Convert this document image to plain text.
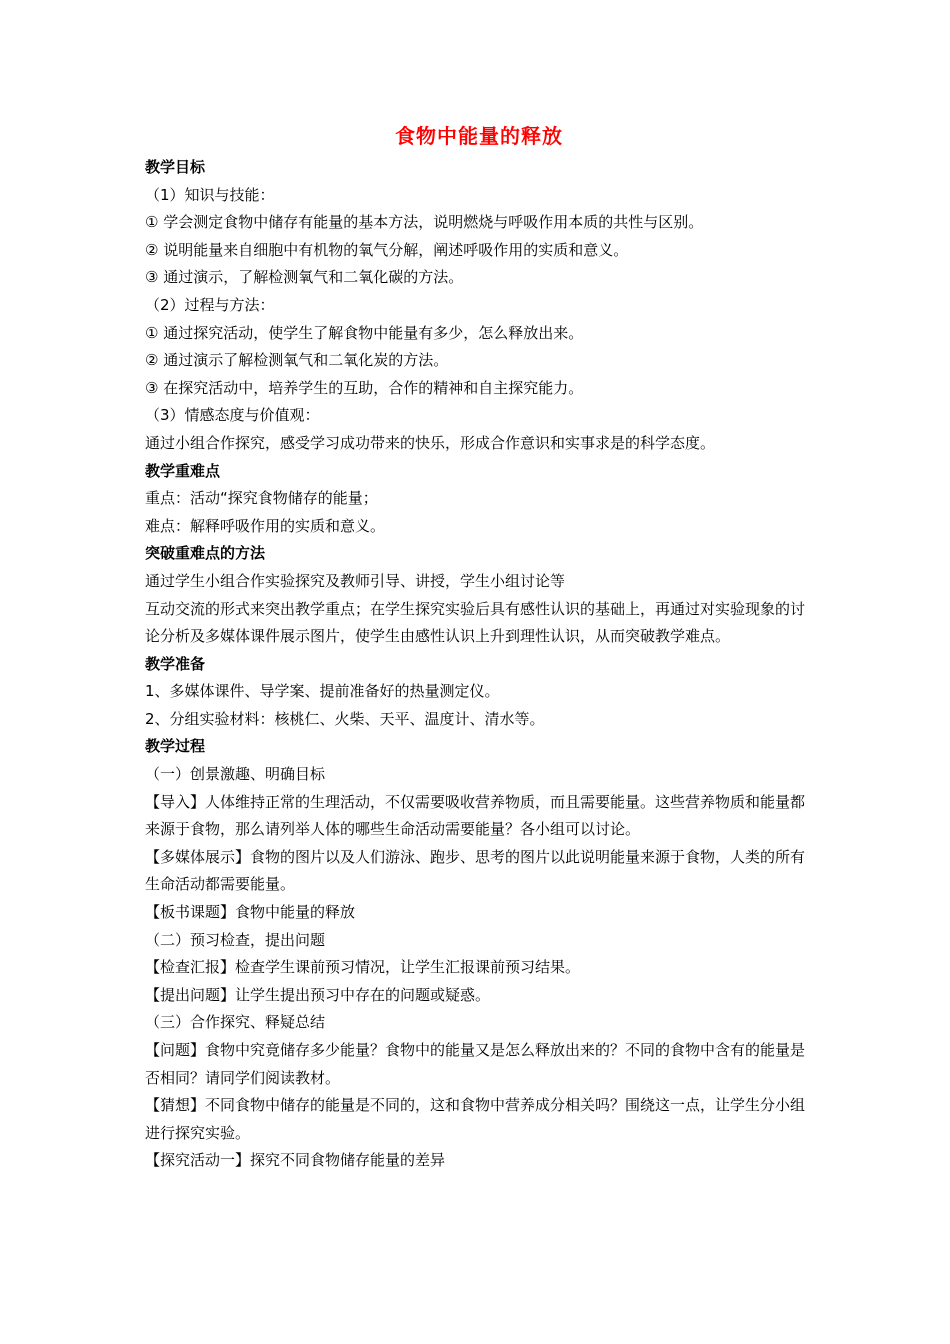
食物中能量的释放
教学目标
（1）知识与技能：
① 学会测定食物中储存有能量的基本方法，说明燃烧与呼吸作用本质的共性与区别。
② 说明能量来自细胞中有机物的氧气分解，阐述呼吸作用的实质和意义。
③ 通过演示，了解检测氧气和二氧化碳的方法。
（2）过程与方法：
① 通过探究活动，使学生了解食物中能量有多少，怎么释放出来。
② 通过演示了解检测氧气和二氧化炭的方法。
③ 在探究活动中，培养学生的互助，合作的精神和自主探究能力。
（3）情感态度与价值观：
通过小组合作探究，感受学习成功带来的快乐，形成合作意识和实事求是的科学态度。
教学重难点
重点：活动“探究食物储存的能量；
难点：解释呼吸作用的实质和意义。
突破重难点的方法
通过学生小组合作实验探究及教师引导、讲授，学生小组讨论等
互动交流的形式来突出教学重点；在学生探究实验后具有感性认识的基础上，再通过对实验现象的讨论分析及多媒体课件展示图片，使学生由感性认识上升到理性认识，从而突破教学难点。
教学准备
1、多媒体课件、导学案、提前准备好的热量测定仪。
2、分组实验材料：核桃仁、火柴、天平、温度计、清水等。
教学过程
（一）创景激趣、明确目标
【导入】人体维持正常的生理活动，不仅需要吸收营养物质，而且需要能量。这些营养物质和能量都来源于食物，那么请列举人体的哪些生命活动需要能量？各小组可以讨论。
【多媒体展示】食物的图片以及人们游泳、跑步、思考的图片以此说明能量来源于食物，人类的所有生命活动都需要能量。
【板书课题】食物中能量的释放
（二）预习检查，提出问题
【检查汇报】检查学生课前预习情况，让学生汇报课前预习结果。
【提出问题】让学生提出预习中存在的问题或疑惑。
（三）合作探究、释疑总结
【问题】食物中究竟储存多少能量？食物中的能量又是怎么释放出来的？不同的食物中含有的能量是否相同？请同学们阅读教材。
【猜想】不同食物中储存的能量是不同的，这和食物中营养成分相关吗？围绕这一点，让学生分小组进行探究实验。
【探究活动一】探究不同食物储存能量的差异
